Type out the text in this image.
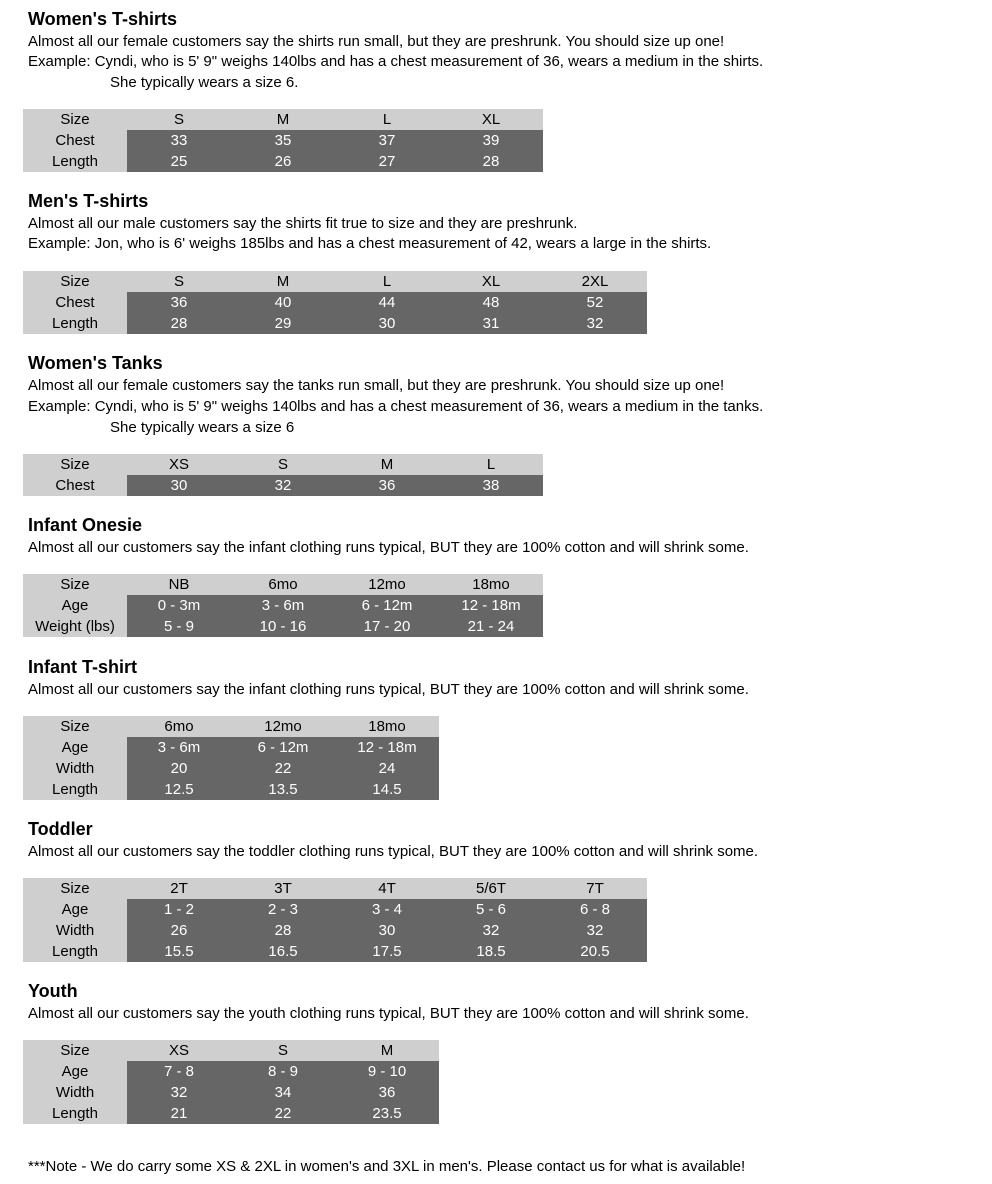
Women's T-shirts
Almost all our female customers say the shirts run small, but they are preshrunk. You should size up one!
Example: Cyndi, who is 5' 9" weighs 140lbs and has a chest measurement of 36, wears a medium in the shirts.
She typically wears a size 6.
Size	S	M	L	XL
Chest	33	35	37	39
Length	25	26	27	28
Men's T-shirts
Almost all our male customers say the shirts fit true to size and they are preshrunk.
Example: Jon, who is 6' weighs 185lbs and has a chest measurement of 42, wears a large in the shirts.
Size	S	M	L	XL	2XL
Chest	36	40	44	48	52
Length	28	29	30	31	32
Women's Tanks
Almost all our female customers say the tanks run small, but they are preshrunk. You should size up one!
Example: Cyndi, who is 5' 9" weighs 140lbs and has a chest measurement of 36, wears a medium in the tanks.
She typically wears a size 6
Size	XS	S	M	L
Chest	30	32	36	38
Infant Onesie
Almost all our customers say the infant clothing runs typical, BUT they are 100% cotton and will shrink some.
Size	NB	6mo	12mo	18mo
Age	0 - 3m	3 - 6m	6 - 12m	12 - 18m
Weight (lbs)	5 - 9	10 - 16	17 - 20	21 - 24
Infant T-shirt
Almost all our customers say the infant clothing runs typical, BUT they are 100% cotton and will shrink some.
Size	6mo	12mo	18mo
Age	3 - 6m	6 - 12m	12 - 18m
Width	20	22	24
Length	12.5	13.5	14.5
Toddler
Almost all our customers say the toddler clothing runs typical, BUT they are 100% cotton and will shrink some.
Size	2T	3T	4T	5/6T	7T
Age	1 - 2	2 - 3	3 - 4	5 - 6	6 - 8
Width	26	28	30	32	32
Length	15.5	16.5	17.5	18.5	20.5
Youth
Almost all our customers say the youth clothing runs typical, BUT they are 100% cotton and will shrink some.
Size	XS	S	M
Age	7 - 8	8 - 9	9 - 10
Width	32	34	36
Length	21	22	23.5
***Note - We do carry some XS & 2XL in women's and 3XL in men's. Please contact us for what is available!
